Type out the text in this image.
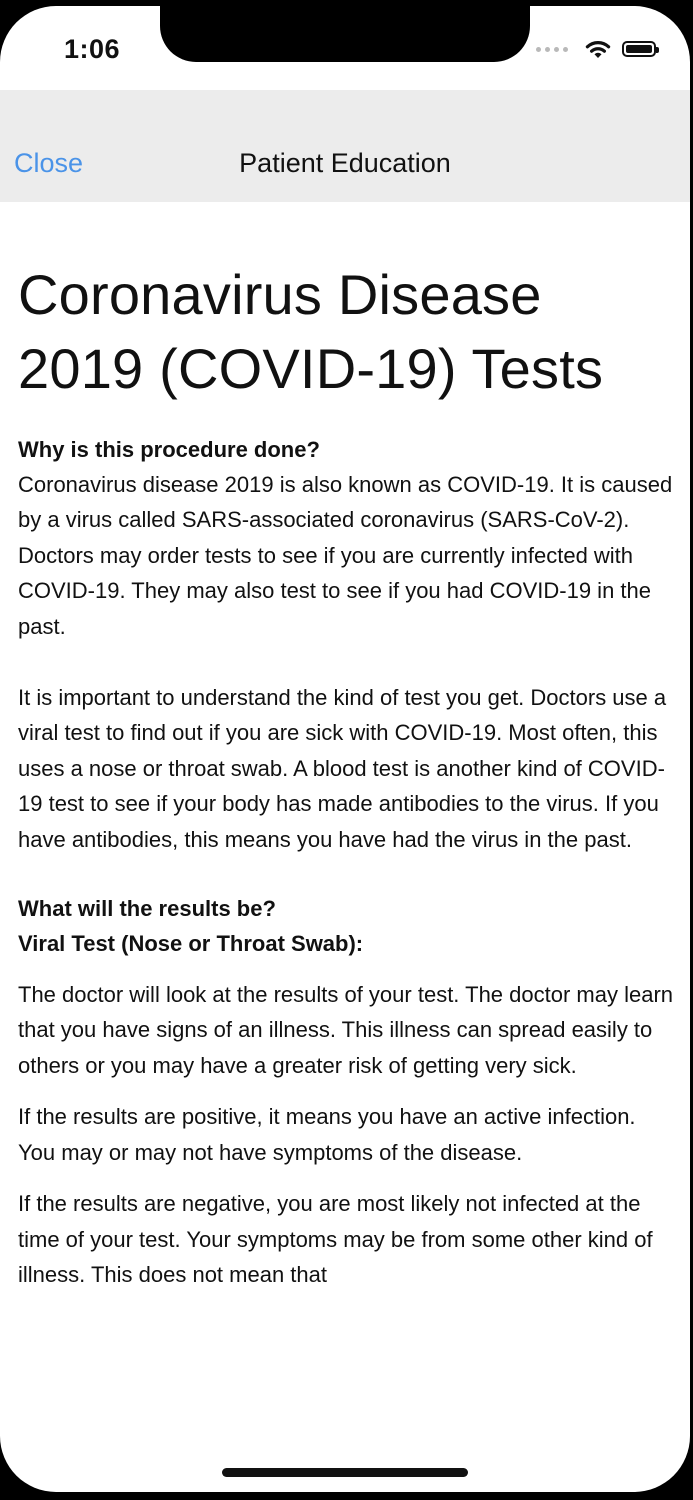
1:06
Close	Patient Education
Coronavirus Disease 2019 (COVID-19) Tests

Why is this procedure done?

Coronavirus disease 2019 is also known as COVID-19. It is caused by a virus called SARS-associated coronavirus (SARS-CoV-2). Doctors may order tests to see if you are currently infected with COVID-19. They may also test to see if you had COVID-19 in the past.

It is important to understand the kind of test you get. Doctors use a viral test to find out if you are sick with COVID-19. Most often, this uses a nose or throat swab. A blood test is another kind of COVID-19 test to see if your body has made antibodies to the virus. If you have antibodies, this means you have had the virus in the past.

What will the results be?

Viral Test (Nose or Throat Swab):

The doctor will look at the results of your test. The doctor may learn that you have signs of an illness. This illness can spread easily to others or you may have a greater risk of getting very sick.

If the results are positive, it means you have an active infection. You may or may not have symptoms of the disease.

If the results are negative, you are most likely not infected at the time of your test. Your symptoms may be from some other kind of illness. This does not mean that
